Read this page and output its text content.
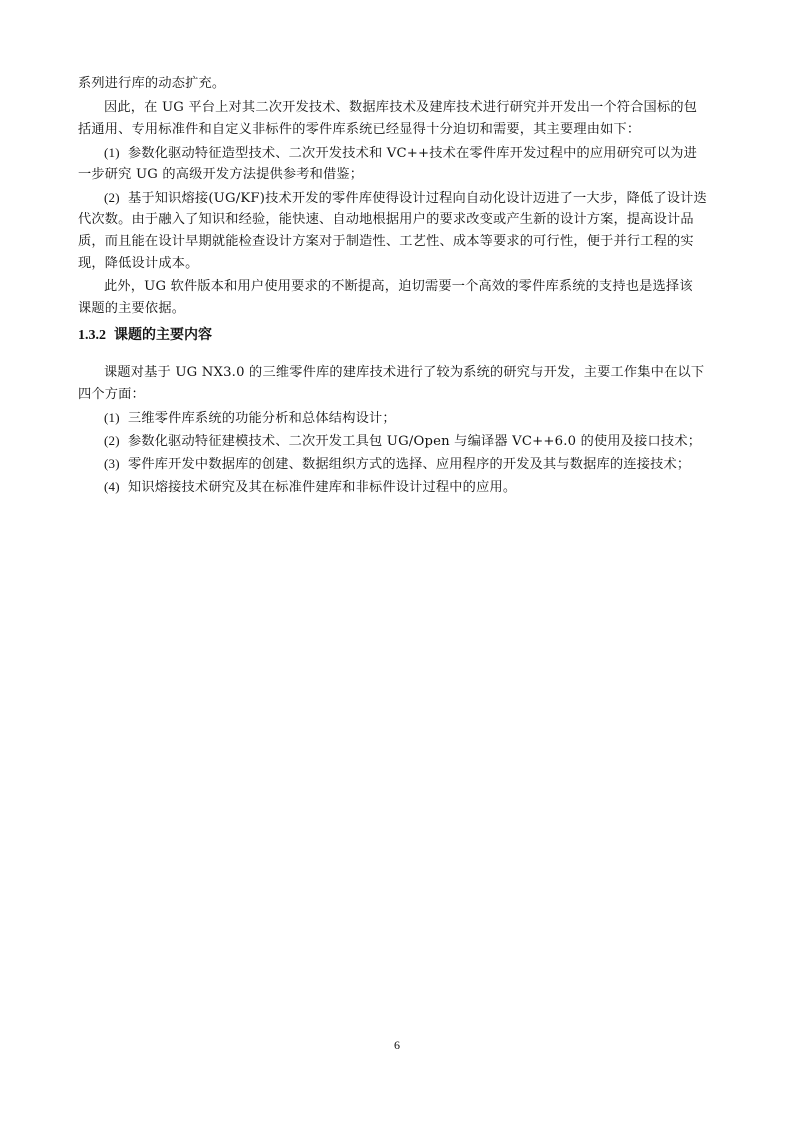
系列进行库的动态扩充。
因此，在 UG 平台上对其二次开发技术、数据库技术及建库技术进行研究并开发出一个符合国标的包
括通用、专用标准件和自定义非标件的零件库系统已经显得十分迫切和需要，其主要理由如下：
(1) 参数化驱动特征造型技术、二次开发技术和 VC++技术在零件库开发过程中的应用研究可以为进
一步研究 UG 的高级开发方法提供参考和借鉴；
(2) 基于知识熔接(UG/KF)技术开发的零件库使得设计过程向自动化设计迈进了一大步，降低了设计迭
代次数。由于融入了知识和经验，能快速、自动地根据用户的要求改变或产生新的设计方案，提高设计品
质，而且能在设计早期就能检查设计方案对于制造性、工艺性、成本等要求的可行性，便于并行工程的实
现，降低设计成本。
此外，UG 软件版本和用户使用要求的不断提高，迫切需要一个高效的零件库系统的支持也是选择该
课题的主要依据。
1.3.2 课题的主要内容
课题对基于 UG NX3.0 的三维零件库的建库技术进行了较为系统的研究与开发，主要工作集中在以下
四个方面：
(1) 三维零件库系统的功能分析和总体结构设计；
(2) 参数化驱动特征建模技术、二次开发工具包 UG/Open 与编译器 VC++6.0 的使用及接口技术；
(3) 零件库开发中数据库的创建、数据组织方式的选择、应用程序的开发及其与数据库的连接技术；
(4) 知识熔接技术研究及其在标准件建库和非标件设计过程中的应用。
6
